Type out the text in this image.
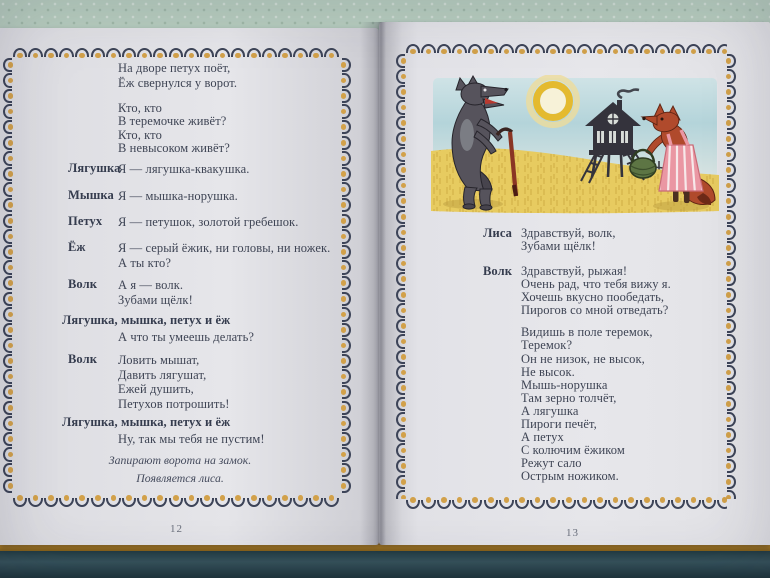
На дворе петух поёт,
Ёж свернулся у ворот.
Кто, кто
В теремочке живёт?
Кто, кто
В невысоком живёт?
Лягушка
Я — лягушка-квакушка.
Мышка Я — мышка-норушка.
Петух Я — петушок, золотой гребешок.
Ёж	Я — серый ёжик, ни головы, ни ножек.
А ты кто?
Волк А я — волк.
Зубами щёлк!
Лягушка, мышка, петух и ёж
А что ты умеешь делать?
Волк Ловить мышат,
Давить лягушат,
Ежей душить,
Петухов потрошить!
Лягушка, мышка, петух и ёж
Ну, так мы тебя не пустим!
Запирают ворота на замок.
Появляется лиса.
12
Лиса Здравствуй, волк,
Зубами щёлк!
Волк Здравствуй, рыжая!
Очень рад, что тебя вижу я.
Хочешь вкусно пообедать,
Пирогов со мной отведать?
Видишь в поле теремок,
Теремок?
Он не низок, не высок,
Не высок.
Мышь-норушка
Там зерно толчёт,
А лягушка
Пироги печёт,
А петух
С колючим ёжиком
Режут сало
Острым ножиком.
13
